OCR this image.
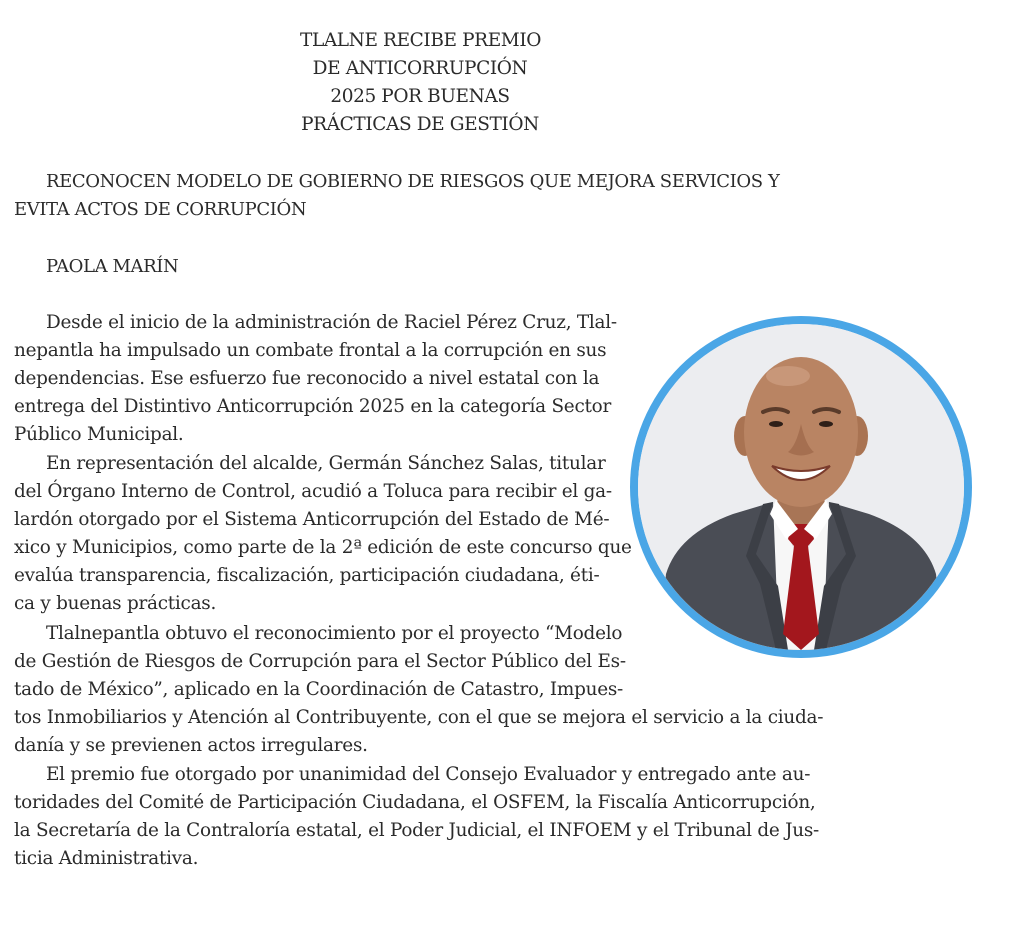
TLALNE RECIBE PREMIO
DE ANTICORRUPCIÓN
2025 POR BUENAS
PRÁCTICAS DE GESTIÓN
RECONOCEN MODELO DE GOBIERNO DE RIESGOS QUE MEJORA SERVICIOS Y
EVITA ACTOS DE CORRUPCIÓN
PAOLA MARÍN
Desde el inicio de la administración de Raciel Pérez Cruz, Tlal-
nepantla ha impulsado un combate frontal a la corrupción en sus
dependencias. Ese esfuerzo fue reconocido a nivel estatal con la
entrega del Distintivo Anticorrupción 2025 en la categoría Sector
Público Municipal.
En representación del alcalde, Germán Sánchez Salas, titular
del Órgano Interno de Control, acudió a Toluca para recibir el ga-
lardón otorgado por el Sistema Anticorrupción del Estado de Mé-
xico y Municipios, como parte de la 2ª edición de este concurso que
evalúa transparencia, fiscalización, participación ciudadana, éti-
ca y buenas prácticas.
Tlalnepantla obtuvo el reconocimiento por el proyecto “Modelo
de Gestión de Riesgos de Corrupción para el Sector Público del Es-
tado de México”, aplicado en la Coordinación de Catastro, Impues-
tos Inmobiliarios y Atención al Contribuyente, con el que se mejora el servicio a la ciuda-
danía y se previenen actos irregulares.
El premio fue otorgado por unanimidad del Consejo Evaluador y entregado ante au-
toridades del Comité de Participación Ciudadana, el OSFEM, la Fiscalía Anticorrupción,
la Secretaría de la Contraloría estatal, el Poder Judicial, el INFOEM y el Tribunal de Jus-
ticia Administrativa.
